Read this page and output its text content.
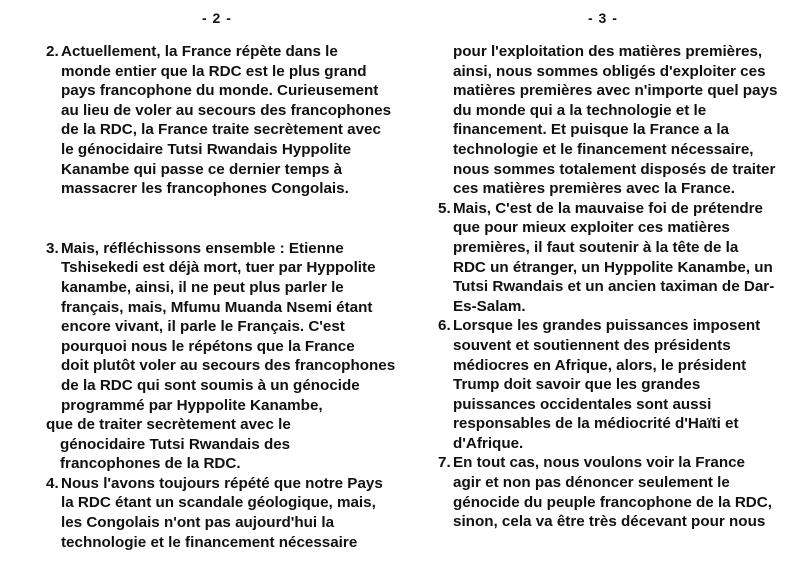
- 2 -	- 3 -
2. Actuellement, la France répète dans le
monde entier que la RDC est le plus grand
pays francophone du monde. Curieusement
au lieu de voler au secours des francophones
de la RDC, la France traite secrètement avec
le génocidaire Tutsi Rwandais Hyppolite
Kanambe qui passe ce dernier temps à
massacrer les francophones Congolais.
3. Mais, réfléchissons ensemble : Etienne
Tshisekedi est déjà mort, tuer par Hyppolite
kanambe, ainsi, il ne peut plus parler le
français, mais, Mfumu Muanda Nsemi étant
encore vivant, il parle le Français. C'est
pourquoi nous le répétons que la France
doit plutôt voler au secours des francophones
de la RDC qui sont soumis à un génocide
programmé par Hyppolite Kanambe,
que de traiter secrètement avec le
génocidaire Tutsi Rwandais des
francophones de la RDC.
4. Nous l'avons toujours répété que notre Pays
la RDC étant un scandale géologique, mais,
les Congolais n'ont pas aujourd'hui la
technologie et le financement nécessaire
pour l'exploitation des matières premières,
ainsi, nous sommes obligés d'exploiter ces
matières premières avec n'importe quel pays
du monde qui a la technologie et le
financement. Et puisque la France a la
technologie et le financement nécessaire,
nous sommes totalement disposés de traiter
ces matières premières avec la France.
5. Mais, C'est de la mauvaise foi de prétendre
que pour mieux exploiter ces matières
premières, il faut soutenir à la tête de la
RDC un étranger, un Hyppolite Kanambe, un
Tutsi Rwandais et un ancien taximan de Dar-
Es-Salam.
6. Lorsque les grandes puissances imposent
souvent et soutiennent des présidents
médiocres en Afrique, alors, le président
Trump doit savoir que les grandes
puissances occidentales sont aussi
responsables de la médiocrité d'Haïti et
d'Afrique.
7. En tout cas, nous voulons voir la France
agir et non pas dénoncer seulement le
génocide du peuple francophone de la RDC,
sinon, cela va être très décevant pour nous
